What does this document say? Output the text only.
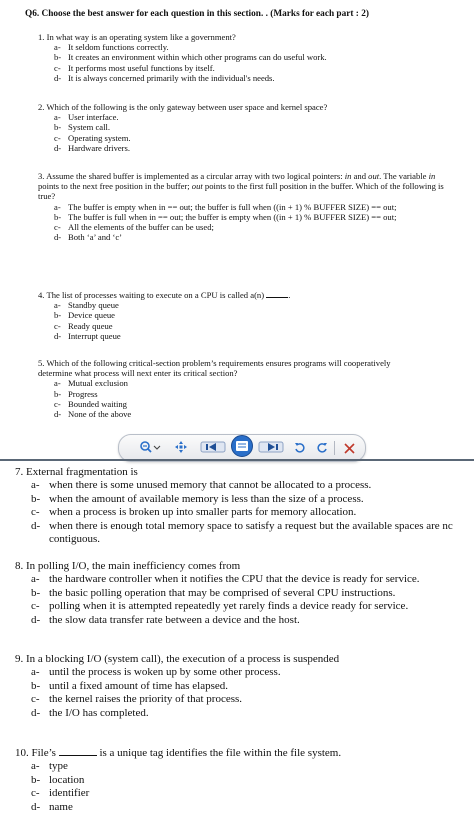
Q6. Choose the best answer for each question in this section. . (Marks for each part : 2)
1. In what way is an operating system like a government?
a- It seldom functions correctly.
b- It creates an environment within which other programs can do useful work.
c- It performs most useful functions by itself.
d- It is always concerned primarily with the individual's needs.
2. Which of the following is the only gateway between user space and kernel space?
a- User interface.
b- System call.
c- Operating system.
d- Hardware drivers.
3. Assume the shared buffer is implemented as a circular array with two logical pointers: in and out. The variable in points to the next free position in the buffer; out points to the first full position in the buffer. Which of the following is true?
a- The buffer is empty when in == out; the buffer is full when ((in + 1) % BUFFER SIZE) == out;
b- The buffer is full when in == out; the buffer is empty when ((in + 1) % BUFFER SIZE) == out;
c- All the elements of the buffer can be used;
d- Both ‘a’ and ‘c’
4. The list of processes waiting to execute on a CPU is called a(n)	.
a- Standby queue
b- Device queue
c- Ready queue
d- Interrupt queue
5. Which of the following critical-section problem’s requirements ensures programs will cooperatively determine what process will next enter its critical section?
a- Mutual exclusion
b- Progress
c- Bounded waiting
d- None of the above
7. External fragmentation is
a- when there is some unused memory that cannot be allocated to a process.
b- when the amount of available memory is less than the size of a process.
c- when a process is broken up into smaller parts for memory allocation.
d- when there is enough total memory space to satisfy a request but the available spaces are nc
contiguous.
8. In polling I/O, the main inefficiency comes from
a- the hardware controller when it notifies the CPU that the device is ready for service.
b- the basic polling operation that may be comprised of several CPU instructions.
c- polling when it is attempted repeatedly yet rarely finds a device ready for service.
d- the slow data transfer rate between a device and the host.
9. In a blocking I/O (system call), the execution of a process is suspended
a- until the process is woken up by some other process.
b- until a fixed amount of time has elapsed.
c- the kernel raises the priority of that process.
d- the I/O has completed.
10. File’s	is a unique tag identifies the file within the file system.
a- type
b- location
c- identifier
d- name
